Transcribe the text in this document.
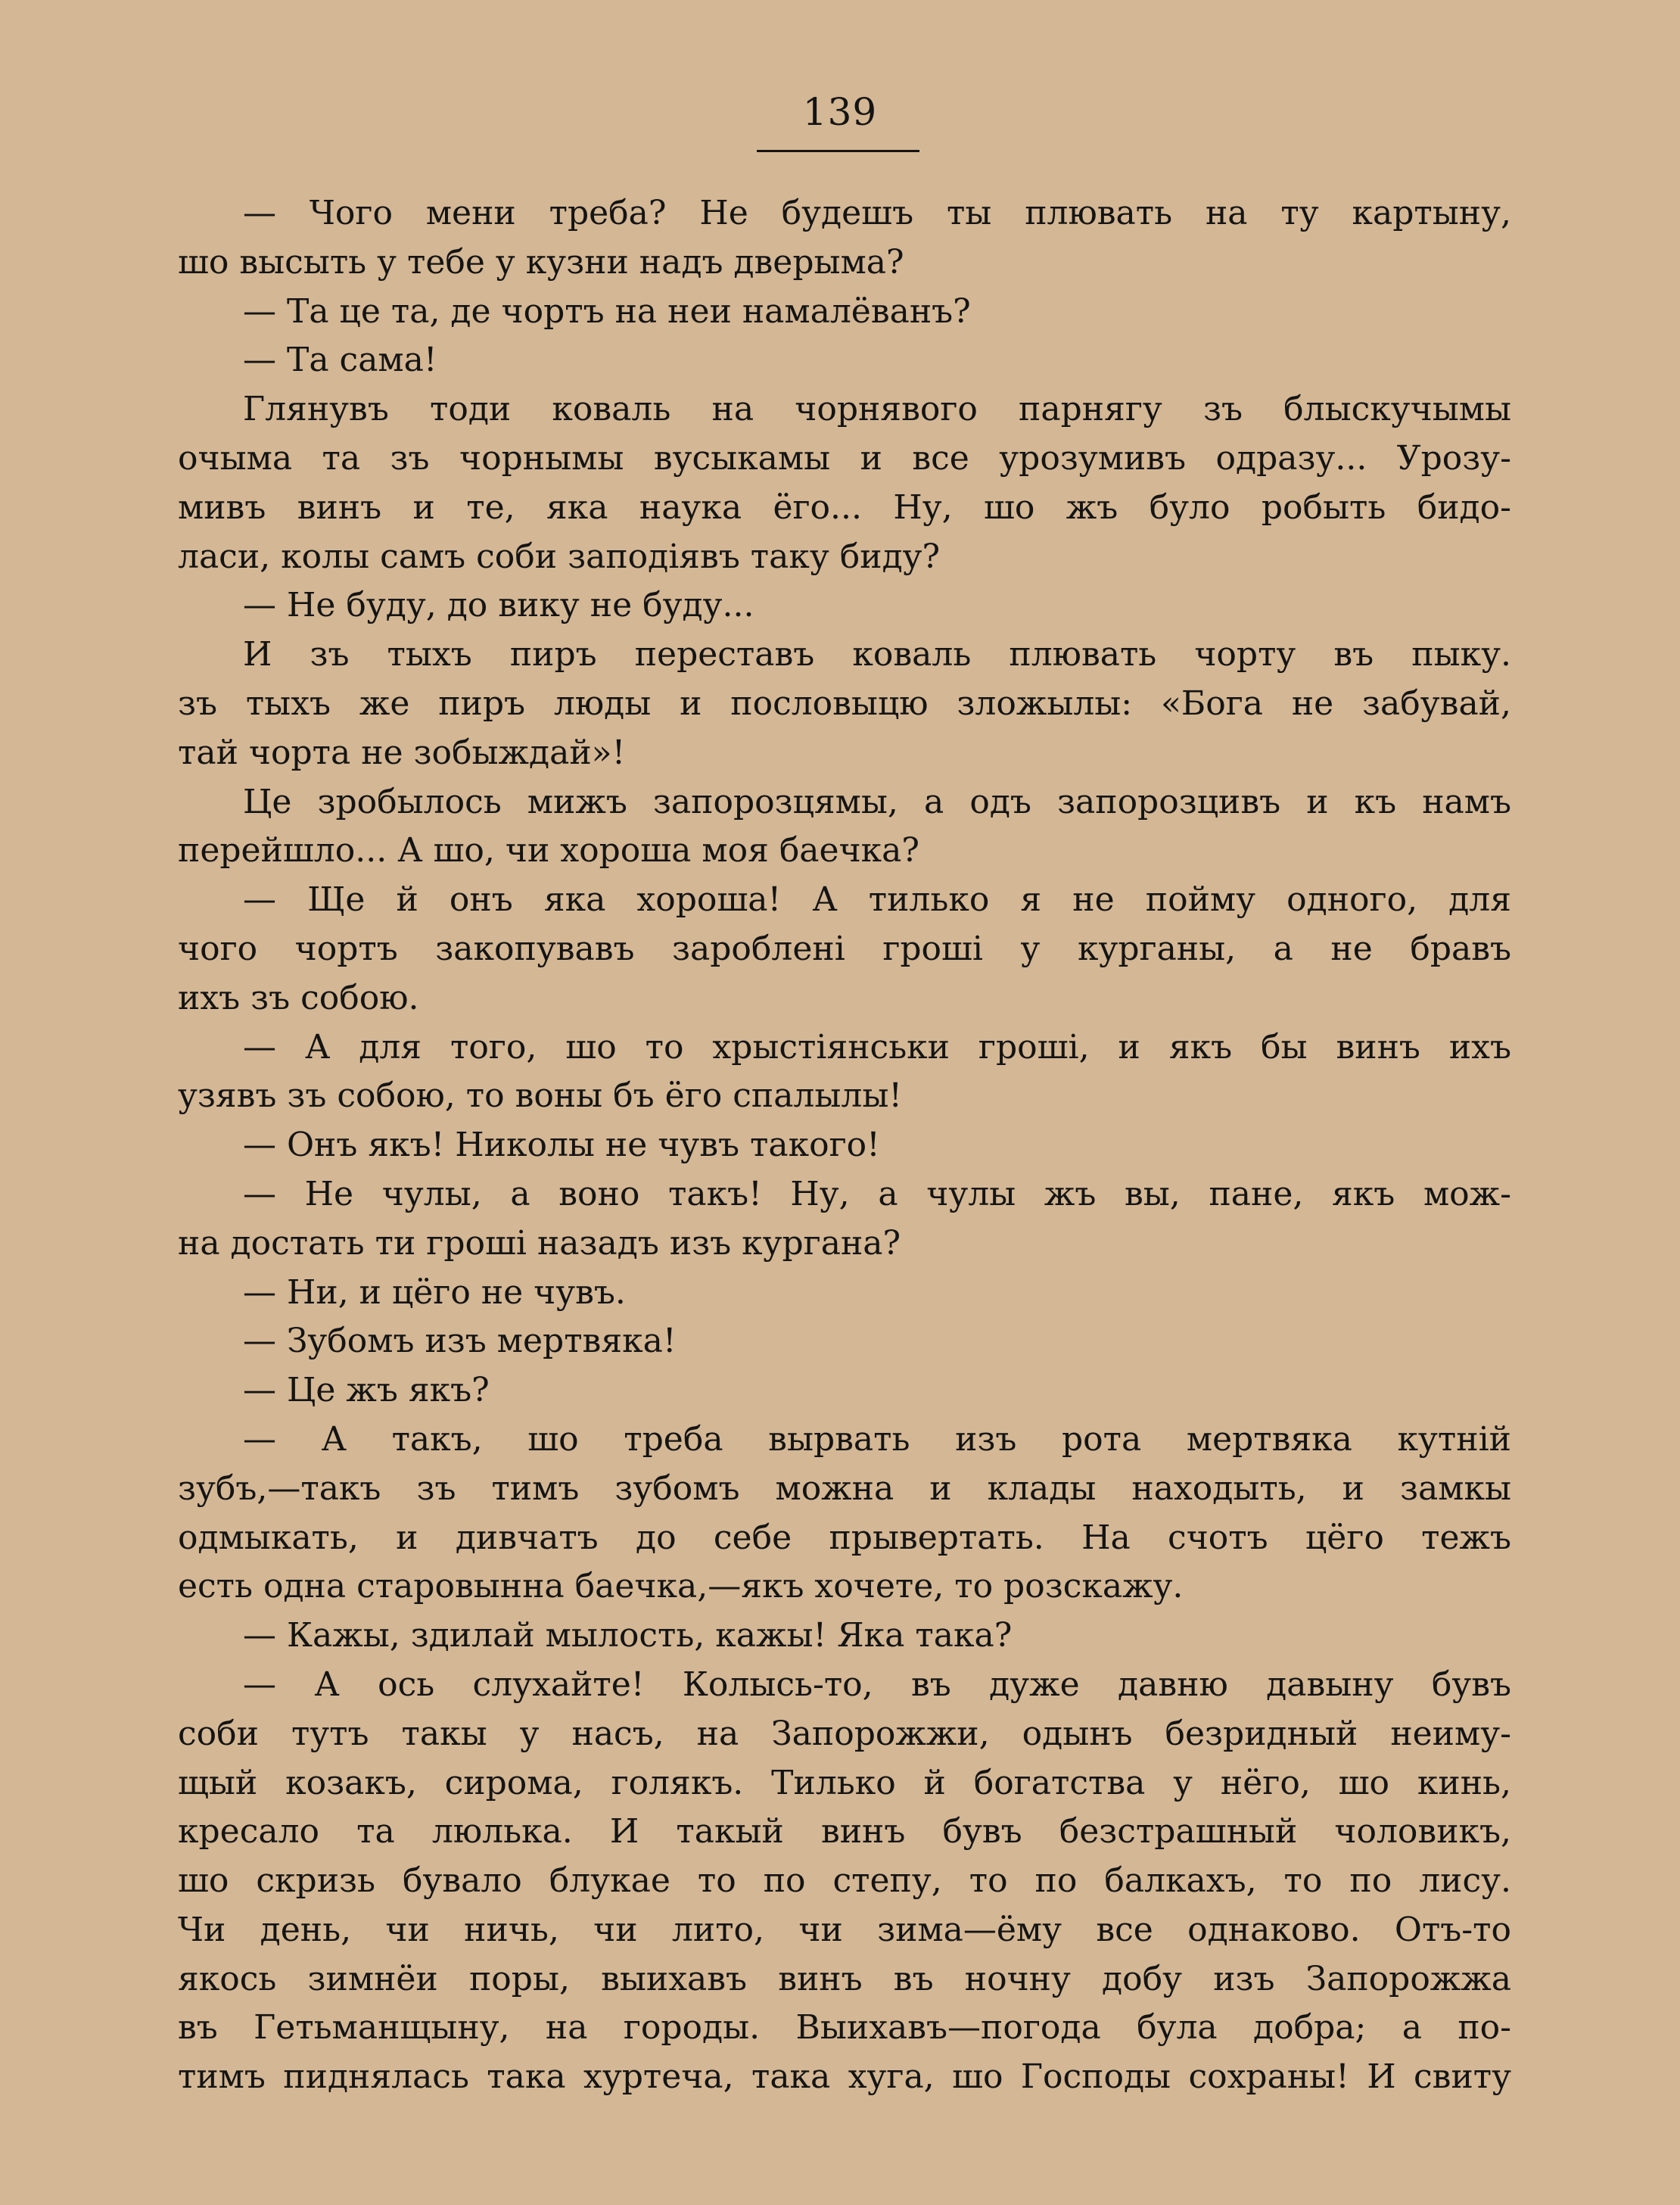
139
— Чого мени треба? Не будешъ ты плювать на ту картыну,
шо высыть у тебе у кузни надъ дверыма?
— Та це та, де чортъ на неи намалёванъ?
— Та сама!
Глянувъ тоди коваль на чорнявого парнягу зъ блыскучымы
очыма та зъ чорнымы вусыкамы и все урозумивъ одразу... Урозу-
мивъ винъ и те, яка наука ёго... Ну, шо жъ було робыть бидо-
ласи, колы самъ соби заподіявъ таку биду?
— Не буду, до вику не буду...
И зъ тыхъ пиръ переставъ коваль плювать чорту въ пыку.
зъ тыхъ же пиръ люды и пословыцю зложылы: «Бога не забувай,
тай чорта не зобыждай»!
Це зробылось мижъ запорозцямы, а одъ запорозцивъ и къ намъ
перейшло... А шо, чи хороша моя баечка?
— Ще й онъ яка хороша! А тилько я не пойму одного, для
чого чортъ закопувавъ заробленi грошi у курганы, а не бравъ
ихъ зъ собою.
— А для того, шо то хрыстіянськи грошi, и якъ бы винъ ихъ
узявъ зъ собою, то воны бъ ёго спалылы!
— Онъ якъ! Николы не чувъ такого!
— Не чулы, а воно такъ! Ну, а чулы жъ вы, пане, якъ мож-
на достать ти грошi назадъ изъ кургана?
— Ни, и цёго не чувъ.
— Зубомъ изъ мертвяка!
— Це жъ якъ?
— А такъ, шо треба вырвать изъ рота мертвяка кутній
зубъ,—такъ зъ тимъ зубомъ можна и клады находыть, и замкы
одмыкать, и дивчатъ до себе прывертать. На счотъ цёго тежъ
есть одна старовынна баечка,—якъ хочете, то розскажу.
— Кажы, здилай мылость, кажы! Яка така?
— А ось слухайте! Колысь-то, въ дуже давню давыну бувъ
соби тутъ такы у насъ, на Запорожжи, одынъ безридный неиму-
щый козакъ, сирома, голякъ. Тилько й богатства у нёго, шо кинь,
кресало та люлька. И такый винъ бувъ безстрашный чоловикъ,
шо скризь бувало блукае то по степу, то по балкахъ, то по лису.
Чи день, чи ничь, чи лито, чи зима—ёму все однаково. Отъ-то
якось зимнёи поры, выихавъ винъ въ ночну добу изъ Запорожжа
въ Гетьманщыну, на городы. Выихавъ—погода була добра; а по-
тимъ пиднялась така хуртеча, така хуга, шо Господы сохраны! И свиту
